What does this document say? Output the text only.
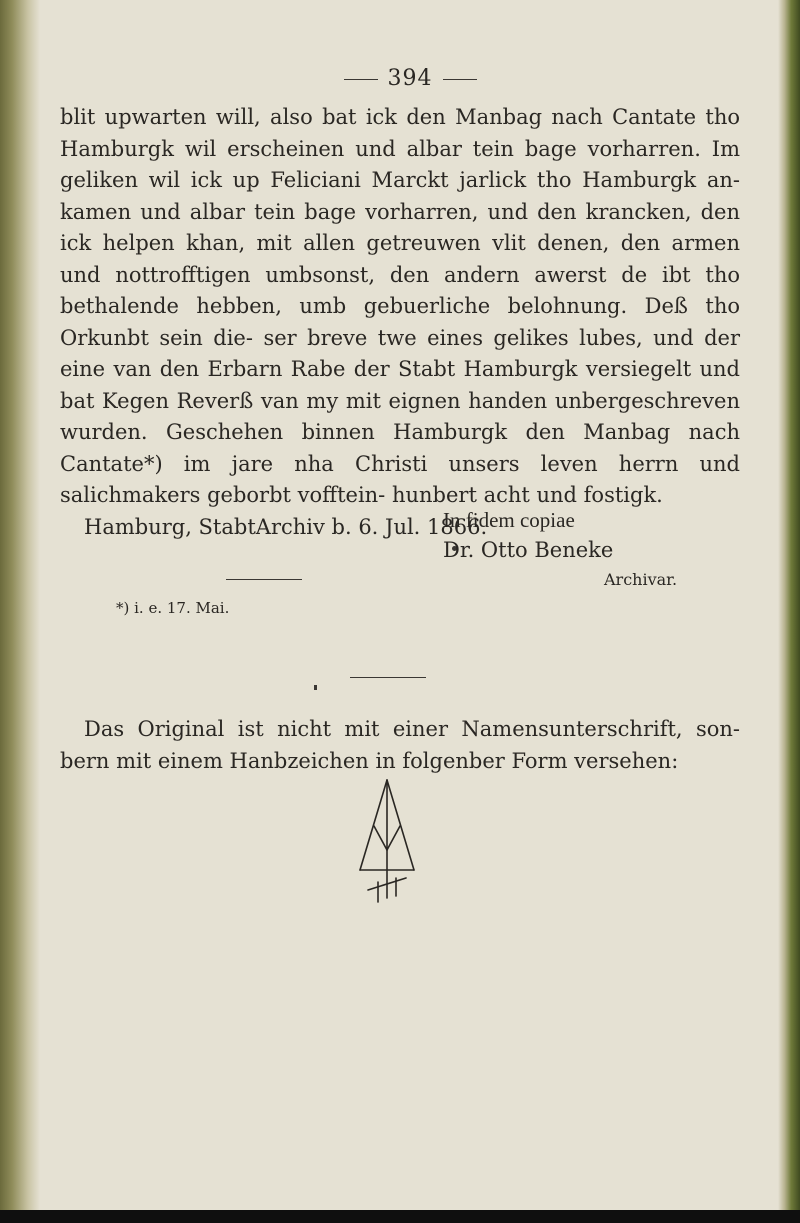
394

blit upwarten will, also bat ick den Manbag nach Cantate tho Hamburgk wil erscheinen und albar tein bage vorharren. Im geliken wil ick up Feliciani Marckt jarlick tho Hamburgk an- kamen und albar tein bage vorharren, und den krancken, den ick helpen khan, mit allen getreuwen vlit denen, den armen und nottrofftigen umbsonst, den andern awerst de ibt tho bethalende hebben, umb gebuerliche belohnung. Deß tho Orkunbt sein die- ser breve twe eines gelikes lubes, und der eine van den Erbarn Rabe der Stabt Hamburgk versiegelt und bat Kegen Reverß van my mit eignen handen unbergeschreven wurden. Geschehen binnen Hamburgk den Manbag nach Cantate*) im jare nha Christi unsers leven herrn und salichmakers geborbt vofftein- hunbert acht und fostigk.

Hamburg, StabtArchiv b. 6. Jul. 1866.

In fidem copiae
Dr. Otto Beneke
Archivar.
*) i. e. 17. Mai.

Das Original ist nicht mit einer Namensunterschrift, son- bern mit einem Hanbzeichen in folgenber Form versehen:
